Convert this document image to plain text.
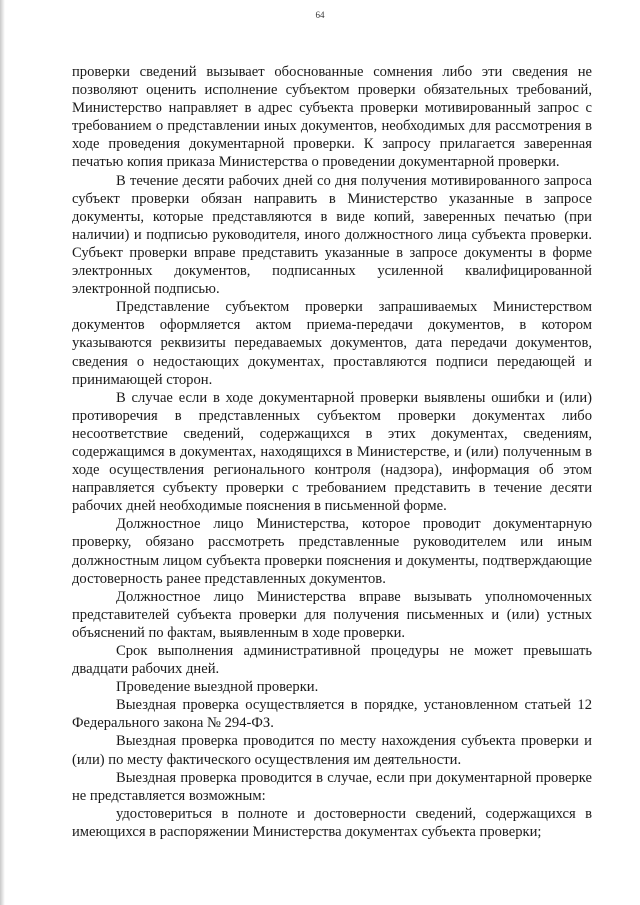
64

проверки сведений вызывает обоснованные сомнения либо эти сведения не позволяют оценить исполнение субъектом проверки обязательных требований, Министерство направляет в адрес субъекта проверки мотивированный запрос с требованием о представлении иных документов, необходимых для рассмотрения в ходе проведения документарной проверки. К запросу прилагается заверенная печатью копия приказа Министерства о проведении документарной проверки.

В течение десяти рабочих дней со дня получения мотивированного запроса субъект проверки обязан направить в Министерство указанные в запросе документы, которые представляются в виде копий, заверенных печатью (при наличии) и подписью руководителя, иного должностного лица субъекта проверки. Субъект проверки вправе представить указанные в запросе документы в форме электронных документов, подписанных усиленной квалифицированной электронной подписью.

Представление субъектом проверки запрашиваемых Министерством документов оформляется актом приема-передачи документов, в котором указываются реквизиты передаваемых документов, дата передачи документов, сведения о недостающих документах, проставляются подписи передающей и принимающей сторон.

В случае если в ходе документарной проверки выявлены ошибки и (или) противоречия в представленных субъектом проверки документах либо несоответствие сведений, содержащихся в этих документах, сведениям, содержащимся в документах, находящихся в Министерстве, и (или) полученным в ходе осуществления регионального контроля (надзора), информация об этом направляется субъекту проверки с требованием представить в течение десяти рабочих дней необходимые пояснения в письменной форме.

Должностное лицо Министерства, которое проводит документарную проверку, обязано рассмотреть представленные руководителем или иным должностным лицом субъекта проверки пояснения и документы, подтверждающие достоверность ранее представленных документов.

Должностное лицо Министерства вправе вызывать уполномоченных представителей субъекта проверки для получения письменных и (или) устных объяснений по фактам, выявленным в ходе проверки.

Срок выполнения административной процедуры не может превышать двадцати рабочих дней.

Проведение выездной проверки.

Выездная проверка осуществляется в порядке, установленном статьей 12 Федерального закона № 294-ФЗ.

Выездная проверка проводится по месту нахождения субъекта проверки и (или) по месту фактического осуществления им деятельности.

Выездная проверка проводится в случае, если при документарной проверке не представляется возможным:

удостовериться в полноте и достоверности сведений, содержащихся в имеющихся в распоряжении Министерства документах субъекта проверки;
